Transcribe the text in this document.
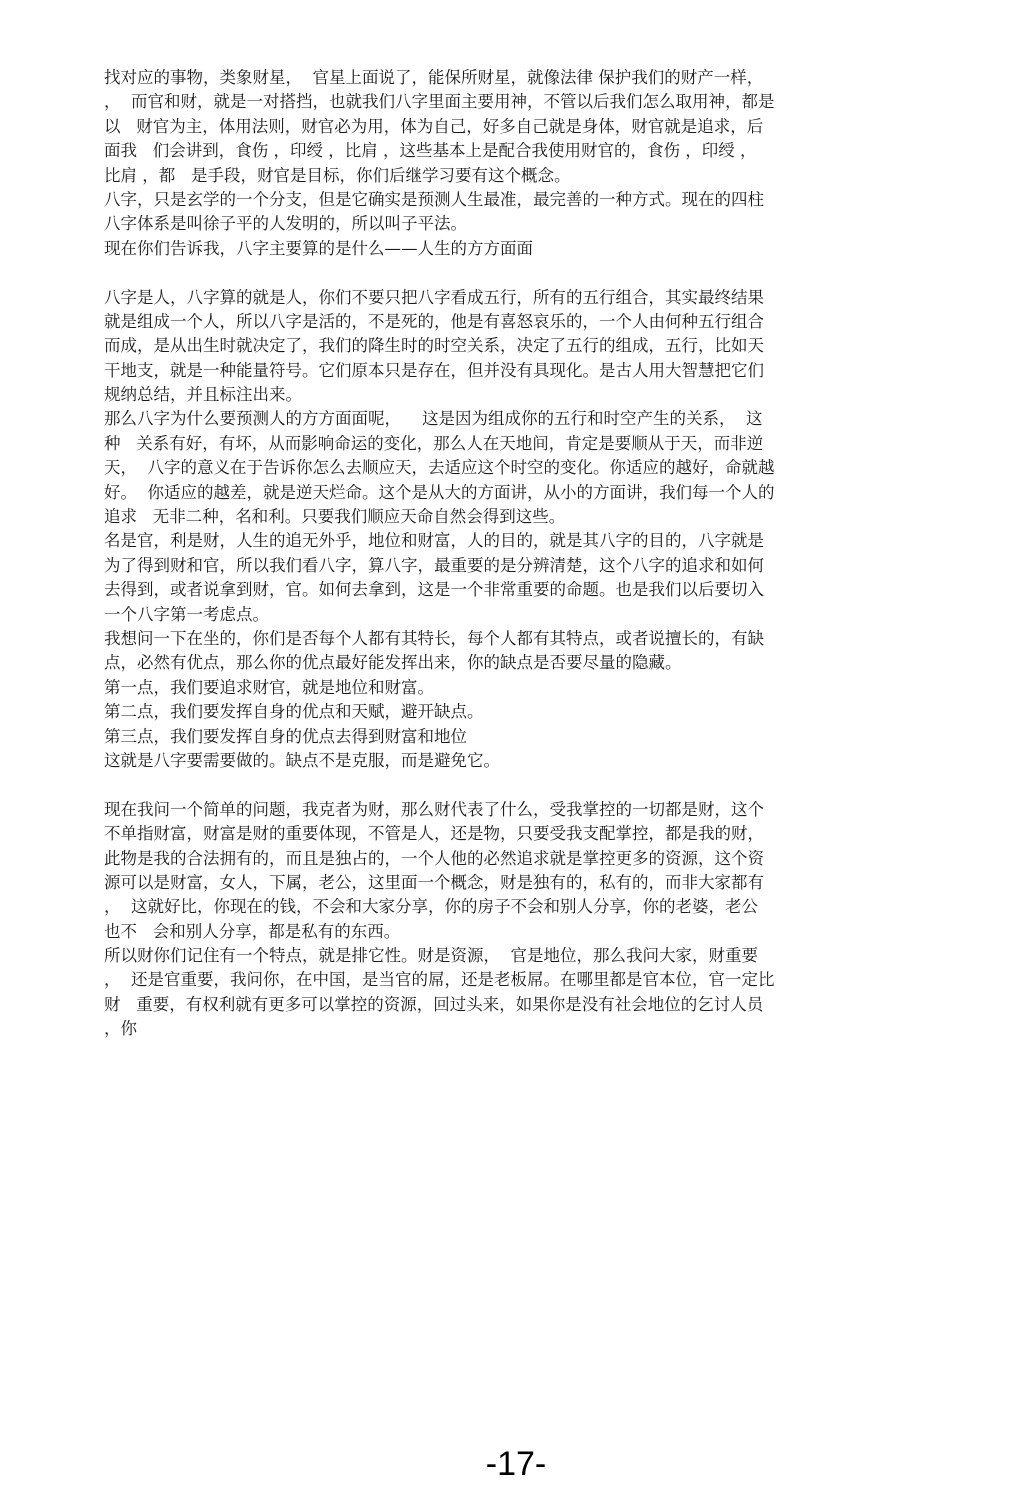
找对应的事物，类象财星，  官星上面说了，能保所财星，就像法律 保护我们的财产一样，
，  而官和财，就是一对搭挡，也就我们八字里面主要用神，不管以后我们怎么取用神，都是
以   财官为主，体用法则，财官必为用，体为自己，好多自己就是身体，财官就是追求，后
面我   们会讲到，食伤 ，印绶 ，比肩 ，这些基本上是配合我使用财官的，食伤 ，印绶 ，
比肩 ，都   是手段，财官是目标，你们后继学习要有这个概念。
八字，只是玄学的一个分支，但是它确实是预测人生最准，最完善的一种方式。现在的四柱
八字体系是叫徐子平的人发明的，所以叫子平法。
现在你们告诉我，八字主要算的是什么——人生的方方面面
八字是人，八字算的就是人，你们不要只把八字看成五行，所有的五行组合，其实最终结果
就是组成一个人，所以八字是活的，不是死的，他是有喜怒哀乐的，一个人由何种五行组合
而成，是从出生时就决定了，我们的降生时的时空关系，决定了五行的组成，五行，比如天
干地支，就是一种能量符号。它们原本只是存在，但并没有具现化。是古人用大智慧把它们
规纳总结，并且标注出来。
那么八字为什么要预测人的方方面面呢，    这是因为组成你的五行和时空产生的关系，  这
种   关系有好，有坏，从而影响命运的变化，那么人在天地间，肯定是要顺从于天，而非逆
天，  八字的意义在于告诉你怎么去顺应天，去适应这个时空的变化。你适应的越好，命就越
好。  你适应的越差，就是逆天烂命。这个是从大的方面讲，从小的方面讲，我们每一个人的
追求   无非二种，名和利。只要我们顺应天命自然会得到这些。
名是官，利是财，人生的追无外乎，地位和财富，人的目的，就是其八字的目的，八字就是
为了得到财和官，所以我们看八字，算八字，最重要的是分辨清楚，这个八字的追求和如何
去得到，或者说拿到财，官。如何去拿到，这是一个非常重要的命题。也是我们以后要切入
一个八字第一考虑点。
我想问一下在坐的，你们是否每个人都有其特长，每个人都有其特点，或者说擅长的，有缺
点，必然有优点，那么你的优点最好能发挥出来，你的缺点是否要尽量的隐藏。
第一点，我们要追求财官，就是地位和财富。
第二点，我们要发挥自身的优点和天赋，避开缺点。
第三点，我们要发挥自身的优点去得到财富和地位
这就是八字要需要做的。缺点不是克服，而是避免它。
现在我问一个简单的问题，我克者为财，那么财代表了什么，受我掌控的一切都是财，这个
不单指财富，财富是财的重要体现，不管是人，还是物，只要受我支配掌控，都是我的财，
此物是我的合法拥有的，而且是独占的，一个人他的必然追求就是掌控更多的资源，这个资
源可以是财富，女人，下属，老公，这里面一个概念，财是独有的，私有的，而非大家都有
，  这就好比，你现在的钱，不会和大家分享，你的房子不会和别人分享，你的老婆，老公
也不   会和别人分享，都是私有的东西。
所以财你们记住有一个特点，就是排它性。财是资源，  官是地位，那么我问大家，财重要
，  还是官重要，我问你，在中国，是当官的屌，还是老板屌。在哪里都是官本位，官一定比
财   重要，有权利就有更多可以掌控的资源，回过头来，如果你是没有社会地位的乞讨人员
，你
-17-
